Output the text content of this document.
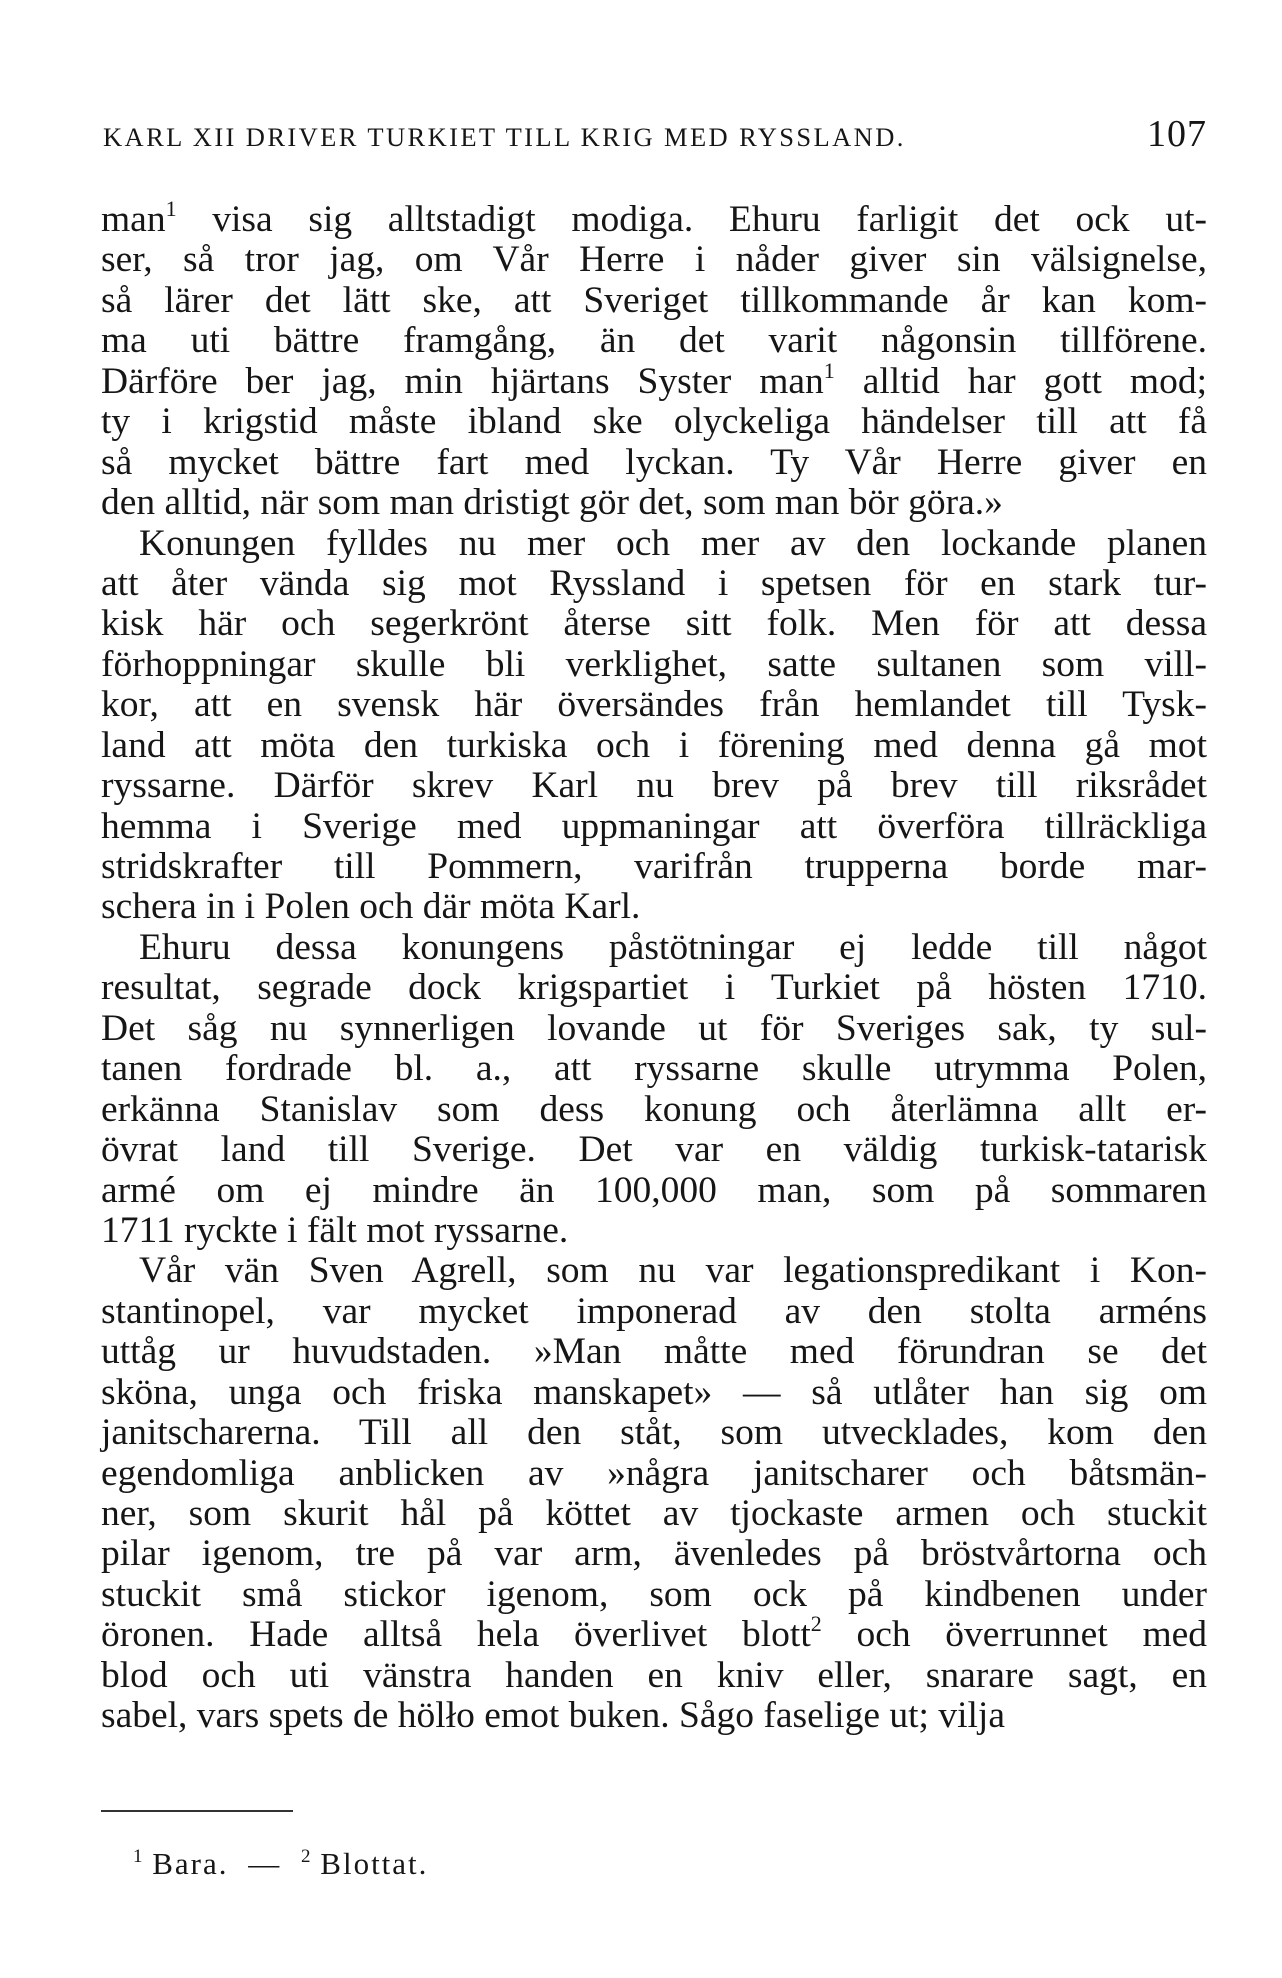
KARL XII DRIVER TURKIET TILL KRIG MED RYSSLAND.	107
man$^1$ visa sig alltstadigt modiga. Ehuru farligit det ock ut-
ser, så tror jag, om Vår Herre i nåder giver sin välsignelse,
så lärer det lätt ske, att Sveriget tillkommande år kan kom-
ma uti bättre framgång, än det varit någonsin tillförene.
Därföre ber jag, min hjärtans Syster man$^1$ alltid har gott mod;
ty i krigstid måste ibland ske olyckeliga händelser till att få
så mycket bättre fart med lyckan. Ty Vår Herre giver en
den alltid, när som man dristigt gör det, som man bör göra.»
Konungen fylldes nu mer och mer av den lockande planen
att åter vända sig mot Ryssland i spetsen för en stark tur-
kisk här och segerkrönt återse sitt folk. Men för att dessa
förhoppningar skulle bli verklighet, satte sultanen som vill-
kor, att en svensk här översändes från hemlandet till Tysk-
land att möta den turkiska och i förening med denna gå mot
ryssarne. Därför skrev Karl nu brev på brev till riksrådet
hemma i Sverige med uppmaningar att överföra tillräckliga
stridskrafter till Pommern, varifrån trupperna borde mar-
schera in i Polen och där möta Karl.
Ehuru dessa konungens påstötningar ej ledde till något
resultat, segrade dock krigspartiet i Turkiet på hösten 1710.
Det såg nu synnerligen lovande ut för Sveriges sak, ty sul-
tanen fordrade bl. a., att ryssarne skulle utrymma Polen,
erkänna Stanislav som dess konung och återlämna allt er-
övrat land till Sverige. Det var en väldig turkisk-tatarisk
armé om ej mindre än 100,000 man, som på sommaren
1711 ryckte i fält mot ryssarne.
Vår vän Sven Agrell, som nu var legationspredikant i Kon-
stantinopel, var mycket imponerad av den stolta arméns
uttåg ur huvudstaden. »Man måtte med förundran se det
sköna, unga och friska manskapet» — så utlåter han sig om
janitscharerna. Till all den ståt, som utvecklades, kom den
egendomliga anblicken av »några janitscharer och båtsmän-
ner, som skurit hål på köttet av tjockaste armen och stuckit
pilar igenom, tre på var arm, ävenledes på bröstvårtorna och
stuckit små stickor igenom, som ock på kindbenen under
öronen. Hade alltså hela överlivet blott$^2$ och överrunnet med
blod och uti vänstra handen en kniv eller, snarare sagt, en
sabel, vars spets de hölło emot buken. Sågo faselige ut; vilja
$^1$ Bara. — $^2$ Blottat.
